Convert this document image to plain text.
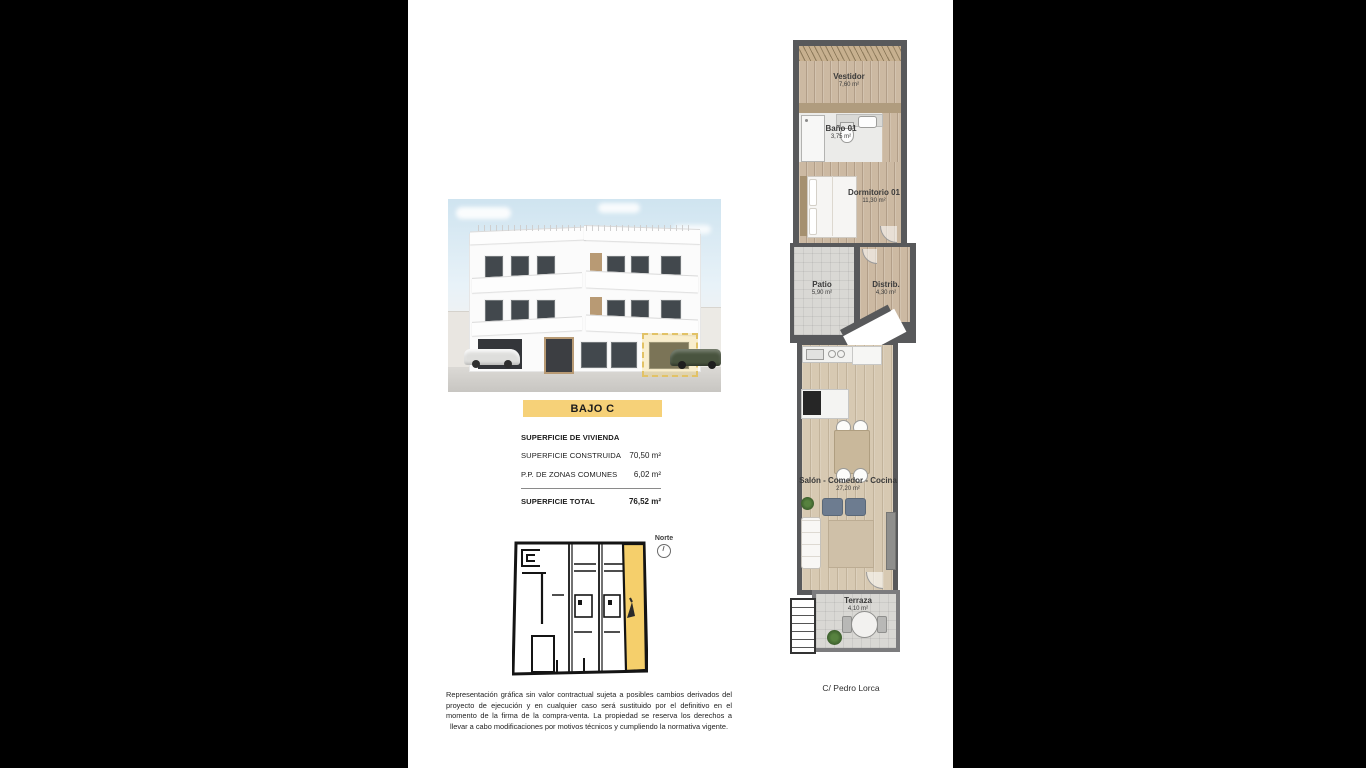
BAJO C
SUPERFICIE DE VIVIENDA
SUPERFICIE CONSTRUIDA 70,50 m²
P.P. DE ZONAS COMUNES 6,02 m²
SUPERFICIE TOTAL	76,52 m²
Norte
Representación gráfica sin valor contractual sujeta a posibles cambios derivados del proyecto de ejecución y en cualquier caso será sustituido por el definitivo en el momento de la firma de la compra-venta. La propiedad se reserva los derechos a llevar a cabo modificaciones por motivos técnicos y cumpliendo la normativa vigente.
Vestidor
7,60 m²
Baño 01
3,75 m²
Dormitorio 01
11,30 m²
Patio
5,90 m²
Distrib.
4,30 m²
Salón - Comedor - Cocina
27,20 m²
Terraza
4,10 m²
C/ Pedro Lorca
